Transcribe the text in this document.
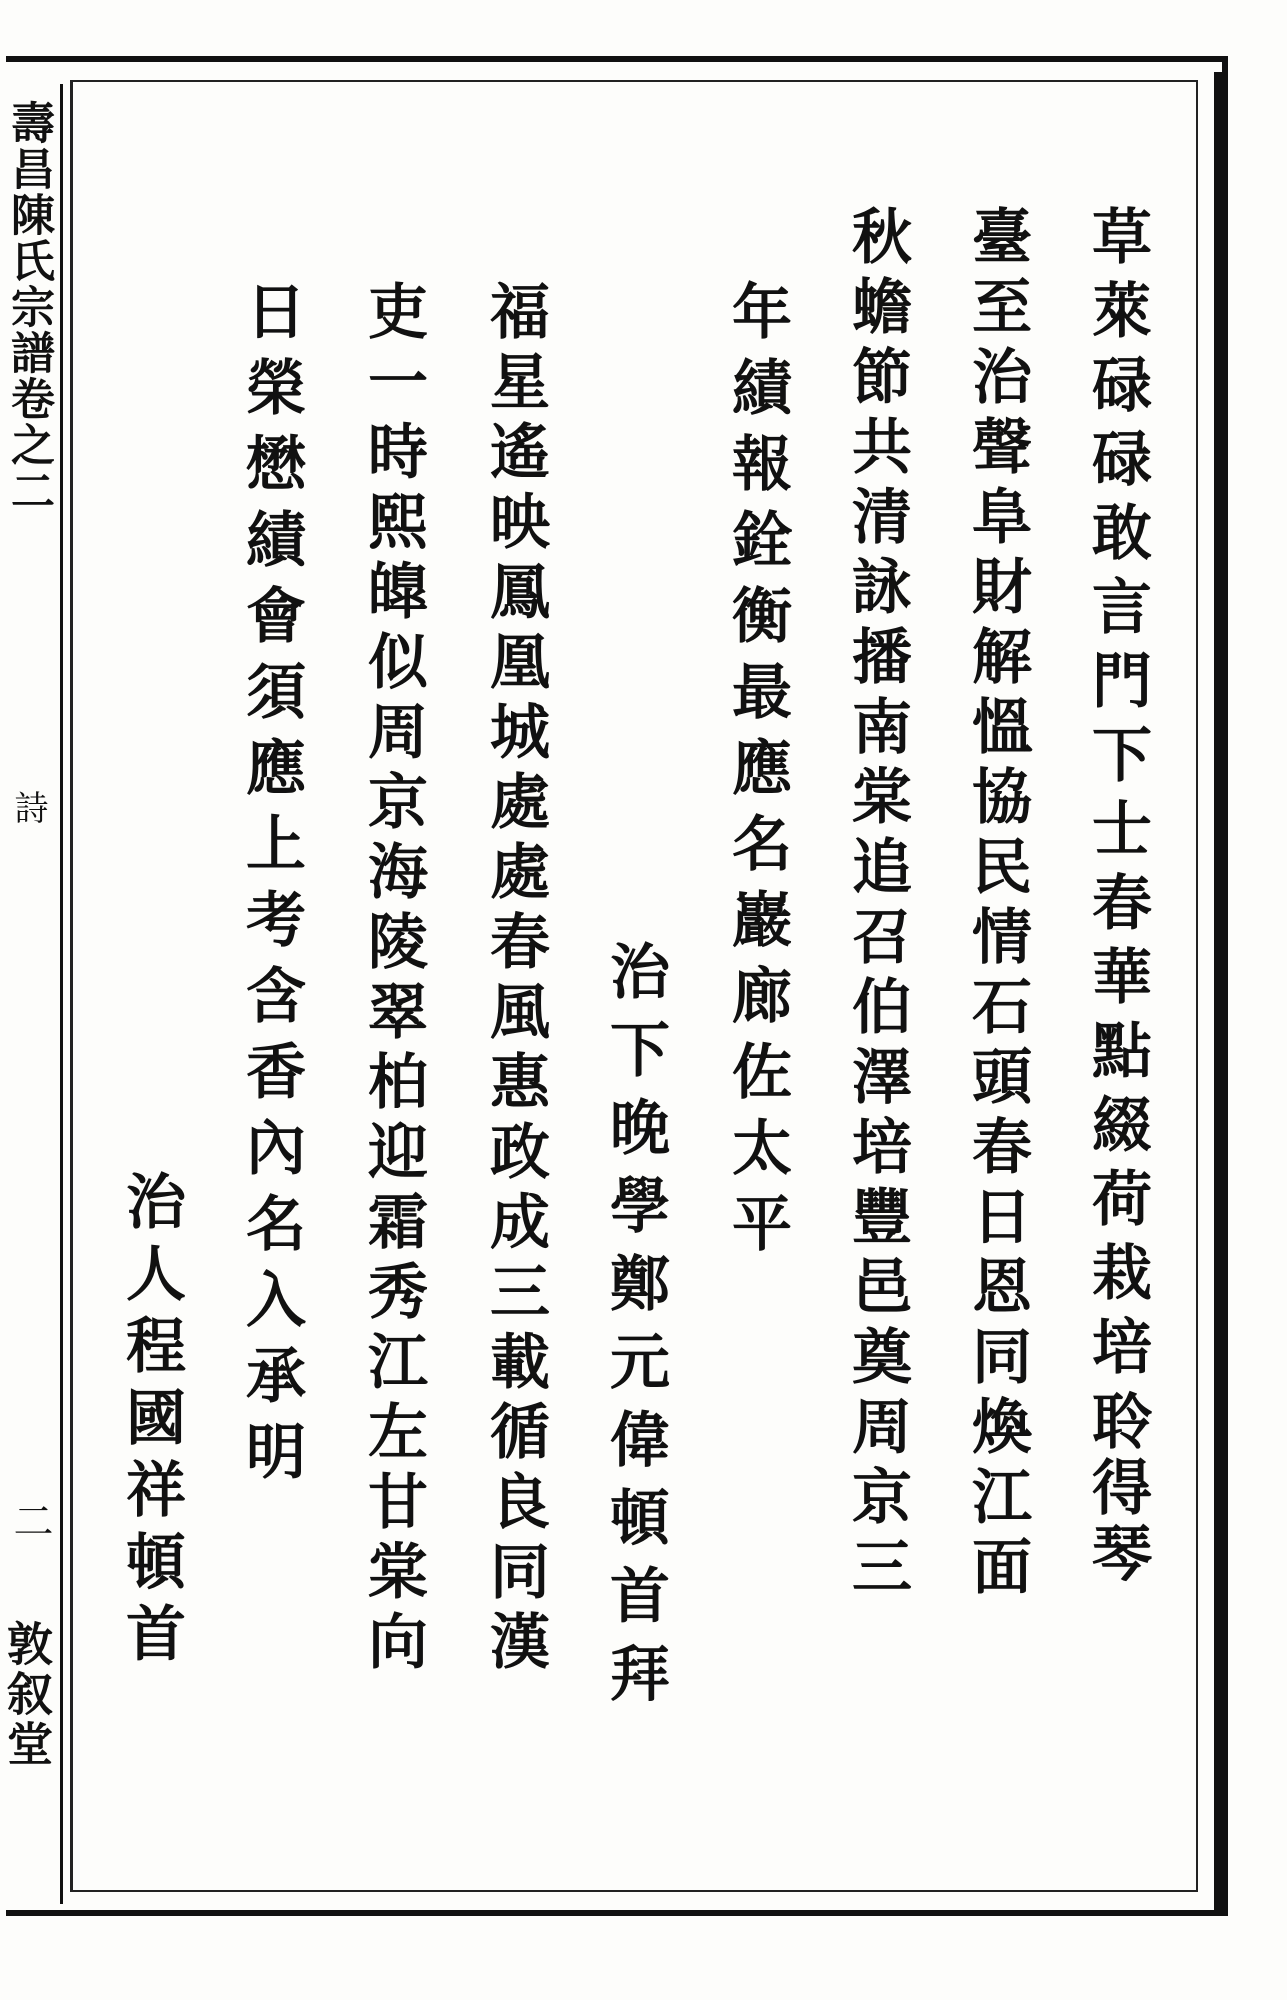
壽昌陳氏宗譜卷之二
詩
二
敦叙堂
草萊碌碌敢言門下士春華點綴荷栽培
聆得琴
臺至治聲阜財解慍協民情石頭春日恩同煥江面
秋蟾節共清詠播南棠追召伯澤培豐邑奠周京三
年績報銓衡最應名巖廊佐太平
治下晚學鄭元偉頓首拜
福星遙映鳳凰城處處春風惠政成三載循良同漢
吏一時熙皥似周京海陵翠柏迎霜秀江左甘棠向
日榮懋績會須應上考含香內名入承明
治人程國祥頓首
